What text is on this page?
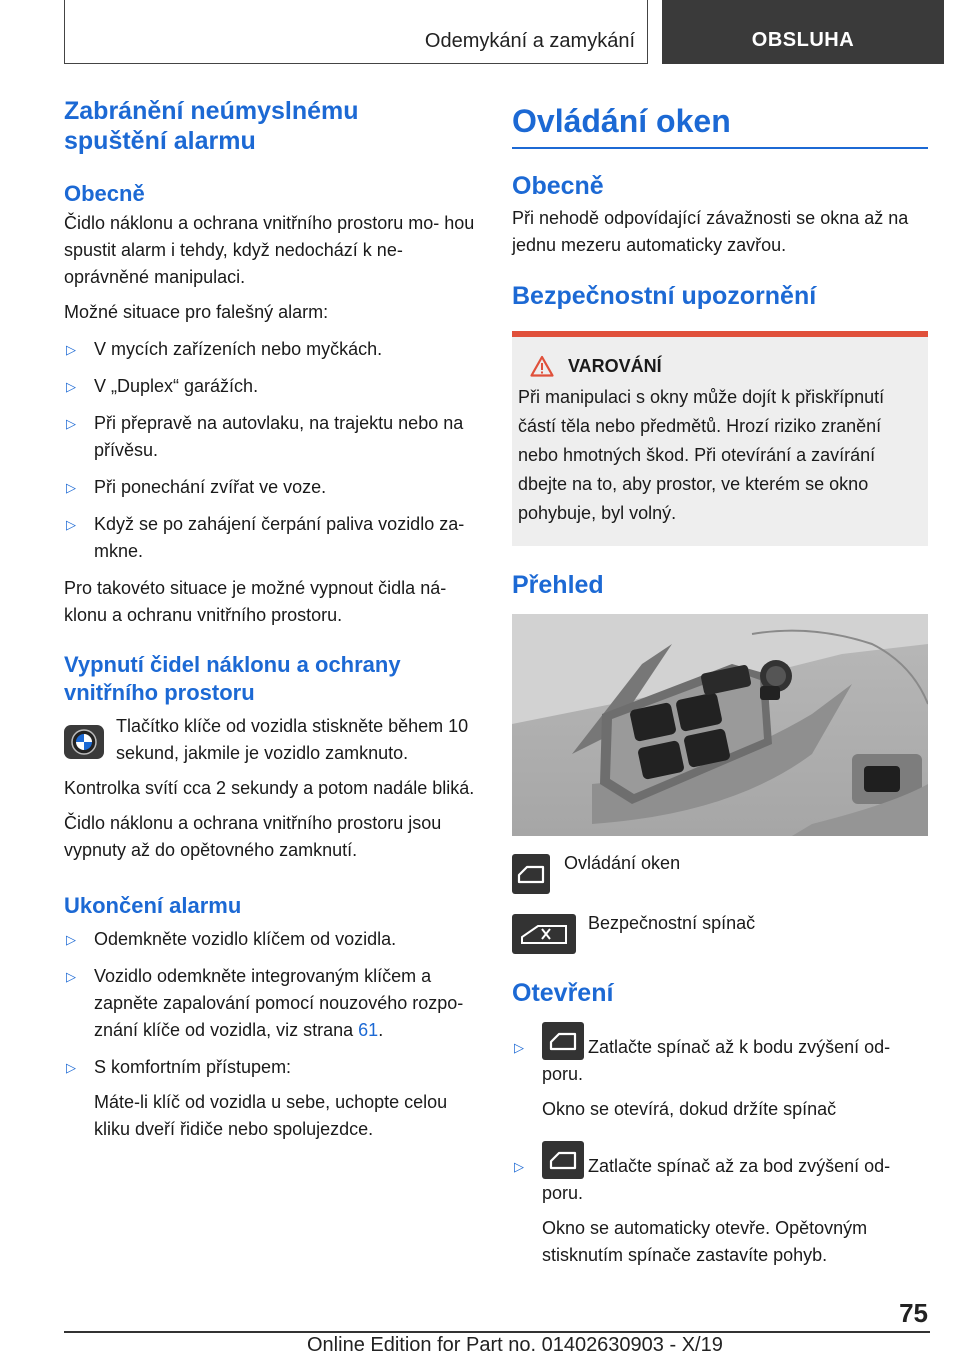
Odemykání a zamykání	OBSLUHA
Zabránění neúmyslnému spuštění alarmu
Obecně

Čidlo náklonu a ochrana vnitřního prostoru mo- hou spustit alarm i tehdy, když nedochází k ne- oprávněné manipulaci.

Možné situace pro falešný alarm:

▷	V mycích zařízeních nebo myčkách.
▷	V „Duplex“ garážích.
▷	Při přepravě na autovlaku, na trajektu nebo na přívěsu.
▷	Při ponechání zvířat ve voze.
▷	Když se po zahájení čerpání paliva vozidlo za- mkne.

Pro takovéto situace je možné vypnout čidla ná- klonu a ochranu vnitřního prostoru.

Vypnutí čidel náklonu a ochrany vnitřního prostoru

Tlačítko klíče od vozidla stiskněte během 10 sekund, jakmile je vozidlo zamknuto.

Kontrolka svítí cca 2 sekundy a potom nadále bliká.

Čidlo náklonu a ochrana vnitřního prostoru jsou vypnuty až do opětovného zamknutí.

Ukončení alarmu
▷	Odemkněte vozidlo klíčem od vozidla.
▷	Vozidlo odemkněte integrovaným klíčem a zapněte zapalování pomocí nouzového rozpo- znání klíče od vozidla, viz strana 61.
▷	S komfortním přístupem:

Máte-li klíč od vozidla u sebe, uchopte celou kliku dveří řidiče nebo spolujezdce.

Ovládání oken
Obecně

Při nehodě odpovídající závažnosti se okna až na jednu mezeru automaticky zavřou.

Bezpečnostní upozornění
VAROVÁNÍ

Při manipulaci s okny může dojít k přiskřípnutí částí těla nebo předmětů. Hrozí riziko zranění nebo hmotných škod. Při otevírání a zavírání dbejte na to, aby prostor, ve kterém se okno pohybuje, byl volný.

Přehled
Ovládání oken
Bezpečnostní spínač
Otevření
▷	Zatlačte spínač až k bodu zvýšení od- poru.

Okno se otevírá, dokud držíte spínač

▷	Zatlačte spínač až za bod zvýšení od- poru.

Okno se automaticky otevře. Opětovným stisknutím spínače zastavíte pohyb.

75
Online Edition for Part no. 01402630903 - X/19
